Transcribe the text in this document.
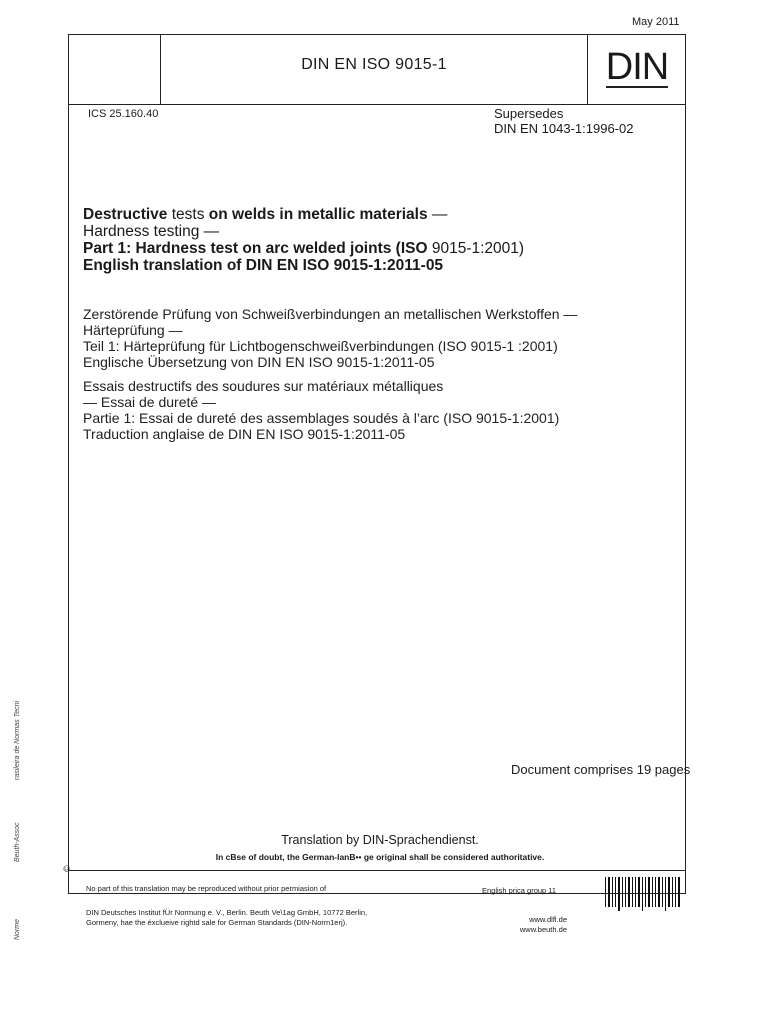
May 2011
DIN EN ISO 9015-1	DIN
ICS 25.160.40	Supersedes
DIN EN 1043-1:1996-02
Destructive tests on welds in metallic materials —
Hardness testing —
Part 1: Hardness test on arc welded joints (ISO 9015-1:2001)
English translation of DIN EN ISO 9015-1:2011-05
Zerstörende Prüfung von Schweißverbindungen an metallischen Werkstoffen —
Härteprüfung —
Teil 1: Härteprüfung für Lichtbogenschweißverbindungen (ISO 9015-1 :2001)
Englische Übersetzung von DIN EN ISO 9015-1:2011-05
Essais destructifs des soudures sur matériaux métalliques
— Essai de dureté —
Partie 1: Essai de dureté des assemblages soudés à l’arc (ISO 9015-1:2001)
Traduction anglaise de DIN EN ISO 9015-1:2011-05
Document comprises 19 pages
Translation by DIN-Sprachendienst.
In cBse of doubt, the German-lanB•• ge original shall be considered authoritative.
No part of this translation may be reproduced without prior permiasion of	English prica group 11
DIN Deutsches Institut fÜr Normung e. V., Berlin. Beuth Ve\1ag GmbH, 10772 Berlin,
Gormeny, hae the éxclueive rightd sale for German Standards (DIN-Norm1erj).	www.dlfl.de
www.beuth.de
©
Norme
Beuth-Assoc
rasileira de Normas Tecni
